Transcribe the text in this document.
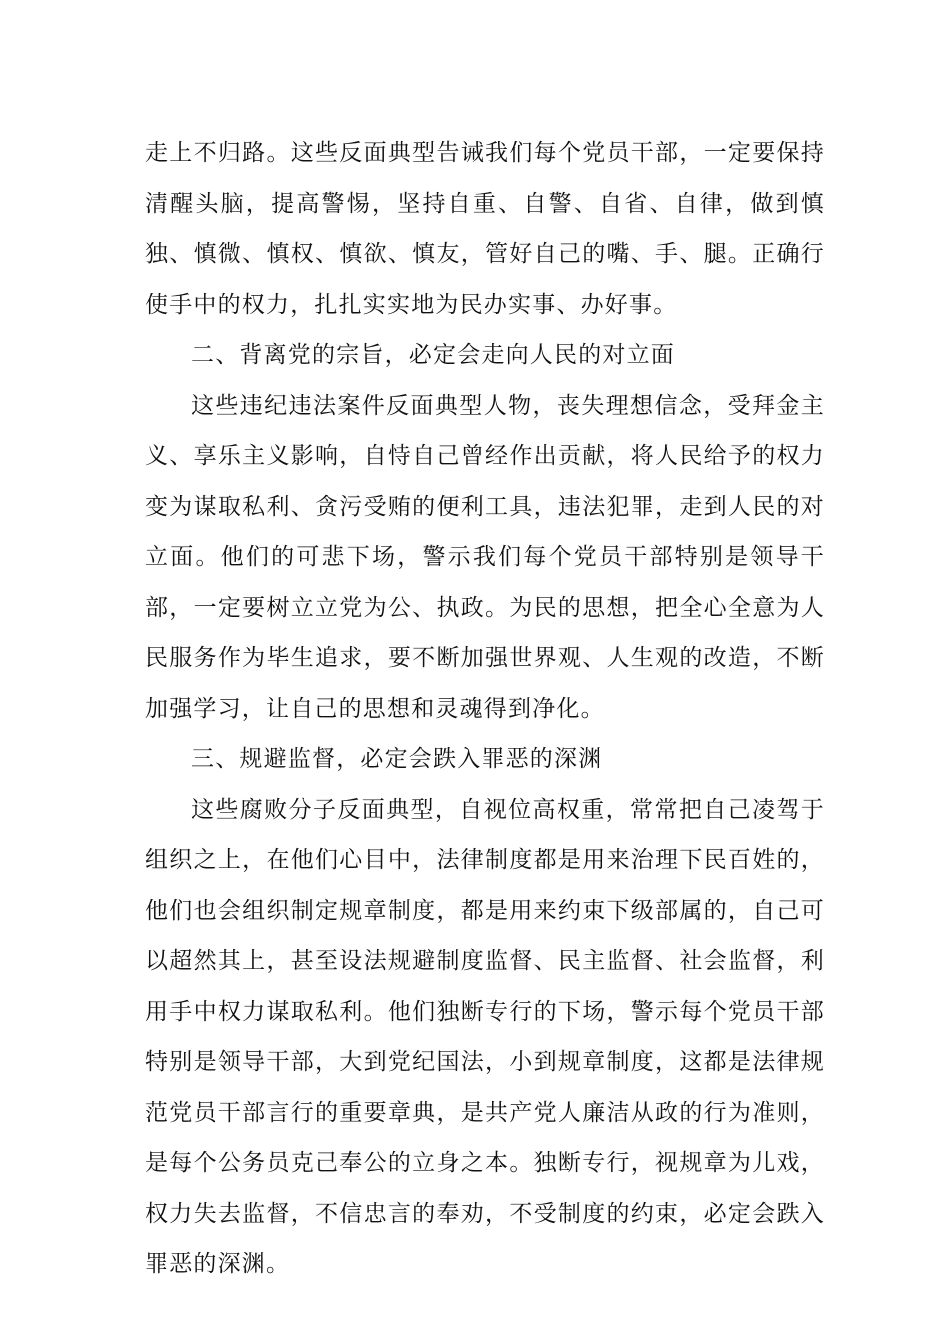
走上不归路。这些反面典型告诫我们每个党员干部，一定要保持清醒头脑，提高警惕，坚持自重、自警、自省、自律，做到慎独、慎微、慎权、慎欲、慎友，管好自己的嘴、手、腿。正确行使手中的权力，扎扎实实地为民办实事、办好事。

二、背离党的宗旨，必定会走向人民的对立面

这些违纪违法案件反面典型人物，丧失理想信念，受拜金主义、享乐主义影响，自恃自己曾经作出贡献，将人民给予的权力变为谋取私利、贪污受贿的便利工具，违法犯罪，走到人民的对立面。他们的可悲下场，警示我们每个党员干部特别是领导干部，一定要树立立党为公、执政。为民的思想，把全心全意为人民服务作为毕生追求，要不断加强世界观、人生观的改造，不断加强学习，让自己的思想和灵魂得到净化。

三、规避监督，必定会跌入罪恶的深渊

这些腐败分子反面典型，自视位高权重，常常把自己凌驾于组织之上，在他们心目中，法律制度都是用来治理下民百姓的，他们也会组织制定规章制度，都是用来约束下级部属的，自己可以超然其上，甚至设法规避制度监督、民主监督、社会监督，利用手中权力谋取私利。他们独断专行的下场，警示每个党员干部特别是领导干部，大到党纪国法，小到规章制度，这都是法律规范党员干部言行的重要章典，是共产党人廉洁从政的行为准则，是每个公务员克己奉公的立身之本。独断专行，视规章为儿戏，权力失去监督，不信忠言的奉劝，不受制度的约束，必定会跌入罪恶的深渊。
